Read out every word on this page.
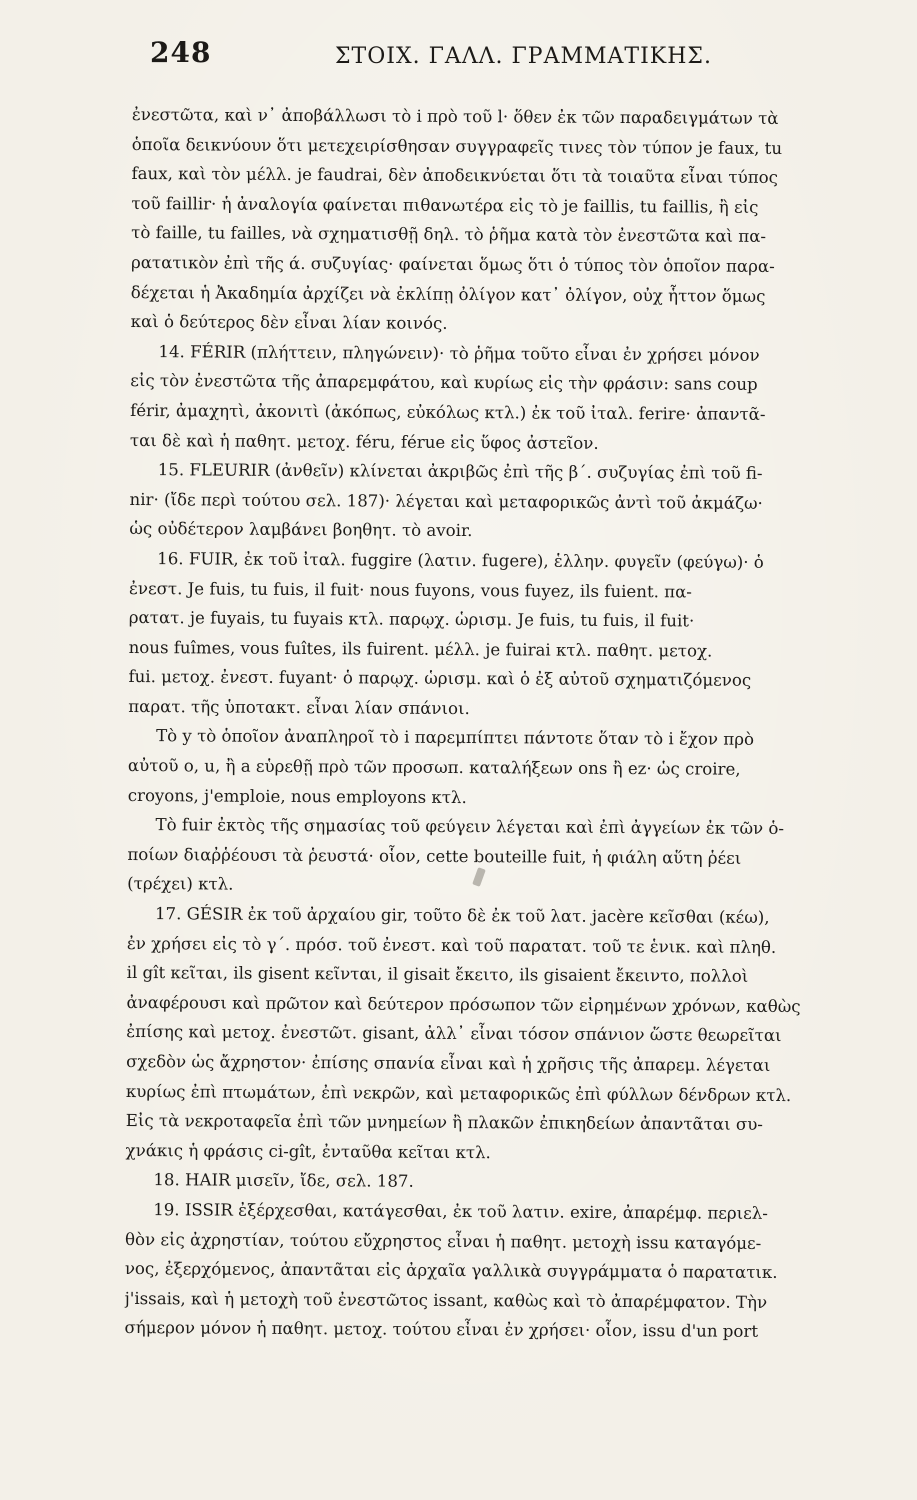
248	ΣΤΟΙΧ. ΓΑΛΛ. ΓΡΑΜΜΑΤΙΚΗΣ.
ἐνεστῶτα, καὶ ν᾽ ἀποβάλλωσι τὸ i πρὸ τοῦ l· ὅθεν ἐκ τῶν παραδειγμάτων τὰ
ὁποῖα δεικνύουν ὅτι μετεχειρίσθησαν συγγραφεῖς τινες τὸν τύπον je faux, tu
faux, καὶ τὸν μέλλ. je faudrai, δὲν ἀποδεικνύεται ὅτι τὰ τοιαῦτα εἶναι τύπος
τοῦ faillir· ἡ ἀναλογία φαίνεται πιθανωτέρα εἰς τὸ je faillis, tu faillis, ἢ εἰς
τὸ faille, tu failles, νὰ σχηματισθῇ δηλ. τὸ ῥῆμα κατὰ τὸν ἐνεστῶτα καὶ πα-
ρατατικὸν ἐπὶ τῆς ά. συζυγίας· φαίνεται ὅμως ὅτι ὁ τύπος τὸν ὁποῖον παρα-
δέχεται ἡ Ἀκαδημία ἀρχίζει νὰ ἐκλίπῃ ὀλίγον κατ᾽ ὀλίγον, οὐχ ἧττον ὅμως
καὶ ὁ δεύτερος δὲν εἶναι λίαν κοινός.
14. FÉRIR (πλήττειν, πληγώνειν)· τὸ ῥῆμα τοῦτο εἶναι ἐν χρήσει μόνον
εἰς τὸν ἐνεστῶτα τῆς ἀπαρεμφάτου, καὶ κυρίως εἰς τὴν φράσιν: sans coup
férir, ἀμαχητὶ, ἀκονιτὶ (ἀκόπως, εὐκόλως κτλ.) ἐκ τοῦ ἰταλ. ferire· ἀπαντᾶ-
ται δὲ καὶ ἡ παθητ. μετοχ. féru, férue εἰς ὕφος ἀστεῖον.
15. FLEURIR (ἀνθεῖν) κλίνεται ἀκριβῶς ἐπὶ τῆς β΄. συζυγίας ἐπὶ τοῦ fi-
nir· (ἴδε περὶ τούτου σελ. 187)· λέγεται καὶ μεταφορικῶς ἀντὶ τοῦ ἀκμάζω·
ὡς οὐδέτερον λαμβάνει βοηθητ. τὸ avoir.
16. FUIR, ἐκ τοῦ ἰταλ. fuggire (λατιν. fugere), ἑλλην. φυγεῖν (φεύγω)· ὁ
ἐνεστ. Je fuis, tu fuis, il fuit· nous fuyons, vous fuyez, ils fuient. πα-
ρατατ. je fuyais, tu fuyais κτλ. παρῳχ. ὡρισμ. Je fuis, tu fuis, il fuit·
nous fuîmes, vous fuîtes, ils fuirent. μέλλ. je fuirai κτλ. παθητ. μετοχ.
fui. μετοχ. ἐνεστ. fuyant· ὁ παρῳχ. ὡρισμ. καὶ ὁ ἐξ αὐτοῦ σχηματιζόμενος
παρατ. τῆς ὑποτακτ. εἶναι λίαν σπάνιοι.
Τὸ y τὸ ὁποῖον ἀναπληροῖ τὸ i παρεμπίπτει πάντοτε ὅταν τὸ i ἔχον πρὸ
αὐτοῦ o, u, ἢ a εὑρεθῇ πρὸ τῶν προσωπ. καταλήξεων ons ἢ ez· ὡς croire,
croyons, j'emploie, nous employons κτλ.
Τὸ fuir ἐκτὸς τῆς σημασίας τοῦ φεύγειν λέγεται καὶ ἐπὶ ἀγγείων ἐκ τῶν ὁ-
ποίων διαῤῥέουσι τὰ ῥευστά· οἷον, cette bouteille fuit, ἡ φιάλη αὕτη ῥέει
(τρέχει) κτλ.
17. GÉSIR ἐκ τοῦ ἀρχαίου gir, τοῦτο δὲ ἐκ τοῦ λατ. jacère κεῖσθαι (κέω),
ἐν χρήσει εἰς τὸ γ΄. πρόσ. τοῦ ἐνεστ. καὶ τοῦ παρατατ. τοῦ τε ἑνικ. καὶ πληθ.
il gît κεῖται, ils gisent κεῖνται, il gisait ἔκειτο, ils gisaient ἔκειντο, πολλοὶ
ἀναφέρουσι καὶ πρῶτον καὶ δεύτερον πρόσωπον τῶν εἰρημένων χρόνων, καθὼς
ἐπίσης καὶ μετοχ. ἐνεστῶτ. gisant, ἀλλ᾽ εἶναι τόσον σπάνιον ὥστε θεωρεῖται
σχεδὸν ὡς ἄχρηστον· ἐπίσης σπανία εἶναι καὶ ἡ χρῆσις τῆς ἀπαρεμ. λέγεται
κυρίως ἐπὶ πτωμάτων, ἐπὶ νεκρῶν, καὶ μεταφορικῶς ἐπὶ φύλλων δένδρων κτλ.
Εἰς τὰ νεκροταφεῖα ἐπὶ τῶν μνημείων ἢ πλακῶν ἐπικηδείων ἀπαντᾶται συ-
χνάκις ἡ φράσις ci-gît, ἐνταῦθα κεῖται κτλ.
18. HAIR μισεῖν, ἴδε, σελ. 187.
19. ISSIR ἐξέρχεσθαι, κατάγεσθαι, ἐκ τοῦ λατιν. exire, ἀπαρέμφ. περιελ-
θὸν εἰς ἀχρηστίαν, τούτου εὔχρηστος εἶναι ἡ παθητ. μετοχὴ issu καταγόμε-
νος, ἐξερχόμενος, ἀπαντᾶται εἰς ἀρχαῖα γαλλικὰ συγγράμματα ὁ παρατατικ.
j'issais, καὶ ἡ μετοχὴ τοῦ ἐνεστῶτος issant, καθὼς καὶ τὸ ἀπαρέμφατον. Τὴν
σήμερον μόνον ἡ παθητ. μετοχ. τούτου εἶναι ἐν χρήσει· οἷον, issu d'un port
